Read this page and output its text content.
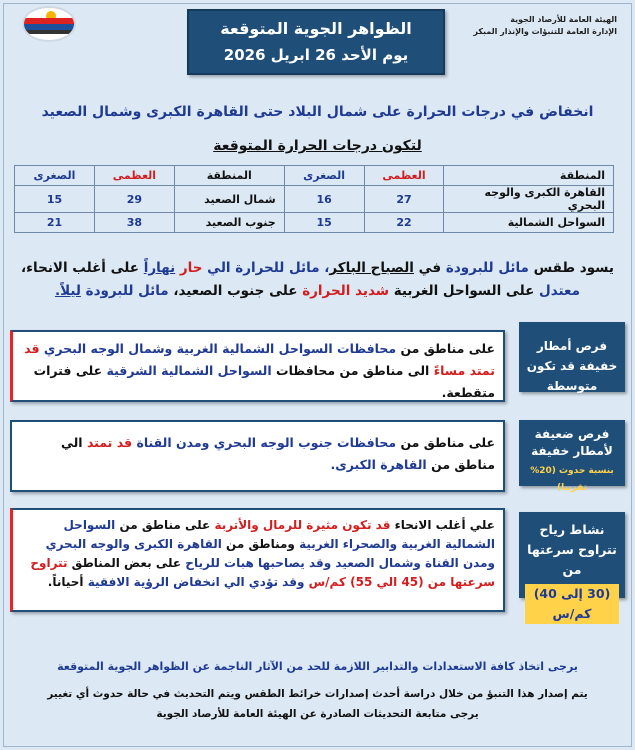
الهيئة العامة للأرصاد الجوية
الإدارة العامة للتنبؤات والإنذار المبكر
الظواهر الجوية المتوقعة
يوم الأحد 26 ابريل 2026
انخفاض في درجات الحرارة على شمال البلاد حتى القاهرة الكبرى وشمال الصعيد
لتكون درجات الحرارة المتوقعة
المنطقة	العظمى	الصغرى	المنطقة	العظمى	الصغرى
القاهرة الكبرى والوجه البحري	27	16	شمال الصعيد	29	15
السواحل الشمالية	22	15	جنوب الصعيد	38	21
يسود طقس مائل للبرودة في الصباح الباكر، مائل للحرارة الي حار نهاراً على أغلب الانحاء،
معتدل على السواحل الغربية شديد الحرارة على جنوب الصعيد، مائل للبرودة ليلاً.
فرص أمطار خفيفة قد تكون متوسطة
على مناطق من محافظات السواحل الشمالية الغربية وشمال الوجه البحري قد تمتد مساءً الى مناطق من محافظات السواحل الشمالية الشرقية على فترات متقطعة.
فرص ضعيفة لأمطار خفيفة
بنسبة حدوث (20% تقريبا)
على مناطق من محافظات جنوب الوجه البحري ومدن القناة قد تمتد الي مناطق من القاهرة الكبرى.
نشاط رياح تتراوح سرعتها من
(30 إلى 40) كم/س
علي أغلب الانحاء قد تكون مثيرة للرمال والأتربة على مناطق من السواحل الشمالية الغربية والصحراء الغربية ومناطق من القاهرة الكبرى والوجه البحري ومدن القناة وشمال الصعيد وقد يصاحبها هبات للرياح على بعض المناطق تتراوح سرعتها من (45 الي 55) كم/س وقد تؤدي الي انخفاض الرؤية الافقية أحياناً.
يرجى اتخاذ كافة الاستعدادات والتدابير اللازمة للحد من الآثار الناجمة عن الظواهر الجوية المتوقعة
يتم إصدار هذا التنبؤ من خلال دراسة أحدث إصدارات خرائط الطقس ويتم التحديث في حالة حدوث أي تغيير
يرجى متابعة التحديثات الصادرة عن الهيئة العامة للأرصاد الجوية
